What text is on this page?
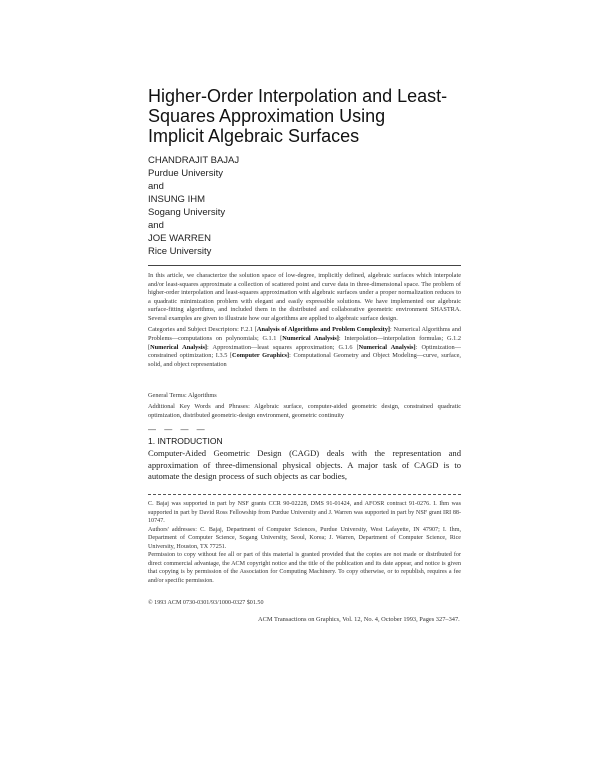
Higher-Order Interpolation and Least-
Squares Approximation Using
Implicit Algebraic Surfaces
CHANDRAJIT BAJAJ
Purdue University
and
INSUNG IHM
Sogang University
and
JOE WARREN
Rice University
In this article, we characterize the solution space of low-degree, implicitly defined, algebraic surfaces which interpolate and/or least-squares approximate a collection of scattered point and curve data in three-dimensional space. The problem of higher-order interpolation and least-squares approximation with algebraic surfaces under a proper normalization reduces to a quadratic minimization problem with elegant and easily expressible solutions. We have implemented our algebraic surface-fitting algorithms, and included them in the distributed and collaborative geometric environment SHASTRA. Several examples are given to illustrate how our algorithms are applied to algebraic surface design.
Categories and Subject Descriptors: F.2.1 [Analysis of Algorithms and Problem Complexity]: Numerical Algorithms and Problems—computations on polynomials; G.1.1 [Numerical Analysis]: Interpolation—interpolation formulas; G.1.2 [Numerical Analysis]: Approximation—least squares approximation; G.1.6 [Numerical Analysis]: Optimization—constrained optimization; I.3.5 [Computer Graphics]: Computational Geometry and Object Modeling—curve, surface, solid, and object representation
General Terms: Algorithms
Additional Key Words and Phrases: Algebraic surface, computer-aided geometric design, constrained quadratic optimization, distributed geometric-design environment, geometric continuity
— — — —
1. INTRODUCTION
Computer-Aided Geometric Design (CAGD) deals with the representation and approximation of three-dimensional physical objects. A major task of CAGD is to automate the design process of such objects as car bodies,

C. Bajaj was supported in part by NSF grants CCR 90-02228, DMS 91-01424, and AFOSR contract 91-0276. I. Ihm was supported in part by David Ross Fellowship from Purdue University and J. Warren was supported in part by NSF grant IRI 88-10747.

Authors' addresses: C. Bajaj, Department of Computer Sciences, Purdue University, West Lafayette, IN 47907; I. Ihm, Department of Computer Science, Sogang University, Seoul, Korea; J. Warren, Department of Computer Science, Rice University, Houston, TX 77251.

Permission to copy without fee all or part of this material is granted provided that the copies are not made or distributed for direct commercial advantage, the ACM copyright notice and the title of the publication and its date appear, and notice is given that copying is by permission of the Association for Computing Machinery. To copy otherwise, or to republish, requires a fee and/or specific permission.

© 1993 ACM 0730-0301/93/1000-0327 $01.50
ACM Transactions on Graphics, Vol. 12, No. 4, October 1993, Pages 327–347.
